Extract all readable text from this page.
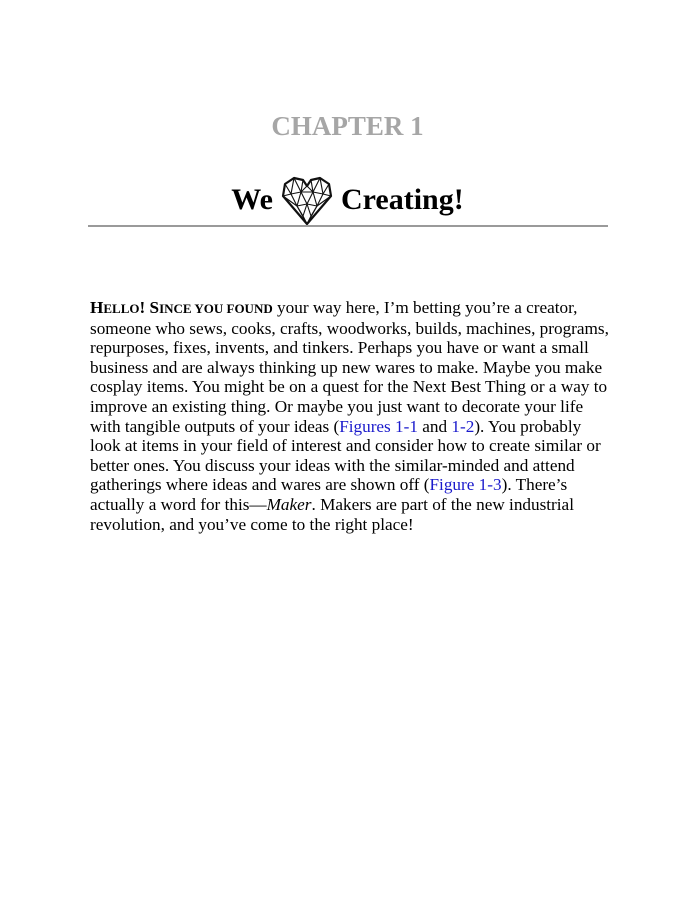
CHAPTER 1
We Creating!

HELLO! SINCE YOU FOUND your way here, I’m betting you’re a creator,
someone who sews, cooks, crafts, woodworks, builds, machines, programs,
repurposes, fixes, invents, and tinkers. Perhaps you have or want a small
business and are always thinking up new wares to make. Maybe you make
cosplay items. You might be on a quest for the Next Best Thing or a way to
improve an existing thing. Or maybe you just want to decorate your life
with tangible outputs of your ideas (Figures 1-1 and 1-2). You probably
look at items in your field of interest and consider how to create similar or
better ones. You discuss your ideas with the similar-minded and attend
gatherings where ideas and wares are shown off (Figure 1-3). There’s
actually a word for this—Maker. Makers are part of the new industrial
revolution, and you’ve come to the right place!
